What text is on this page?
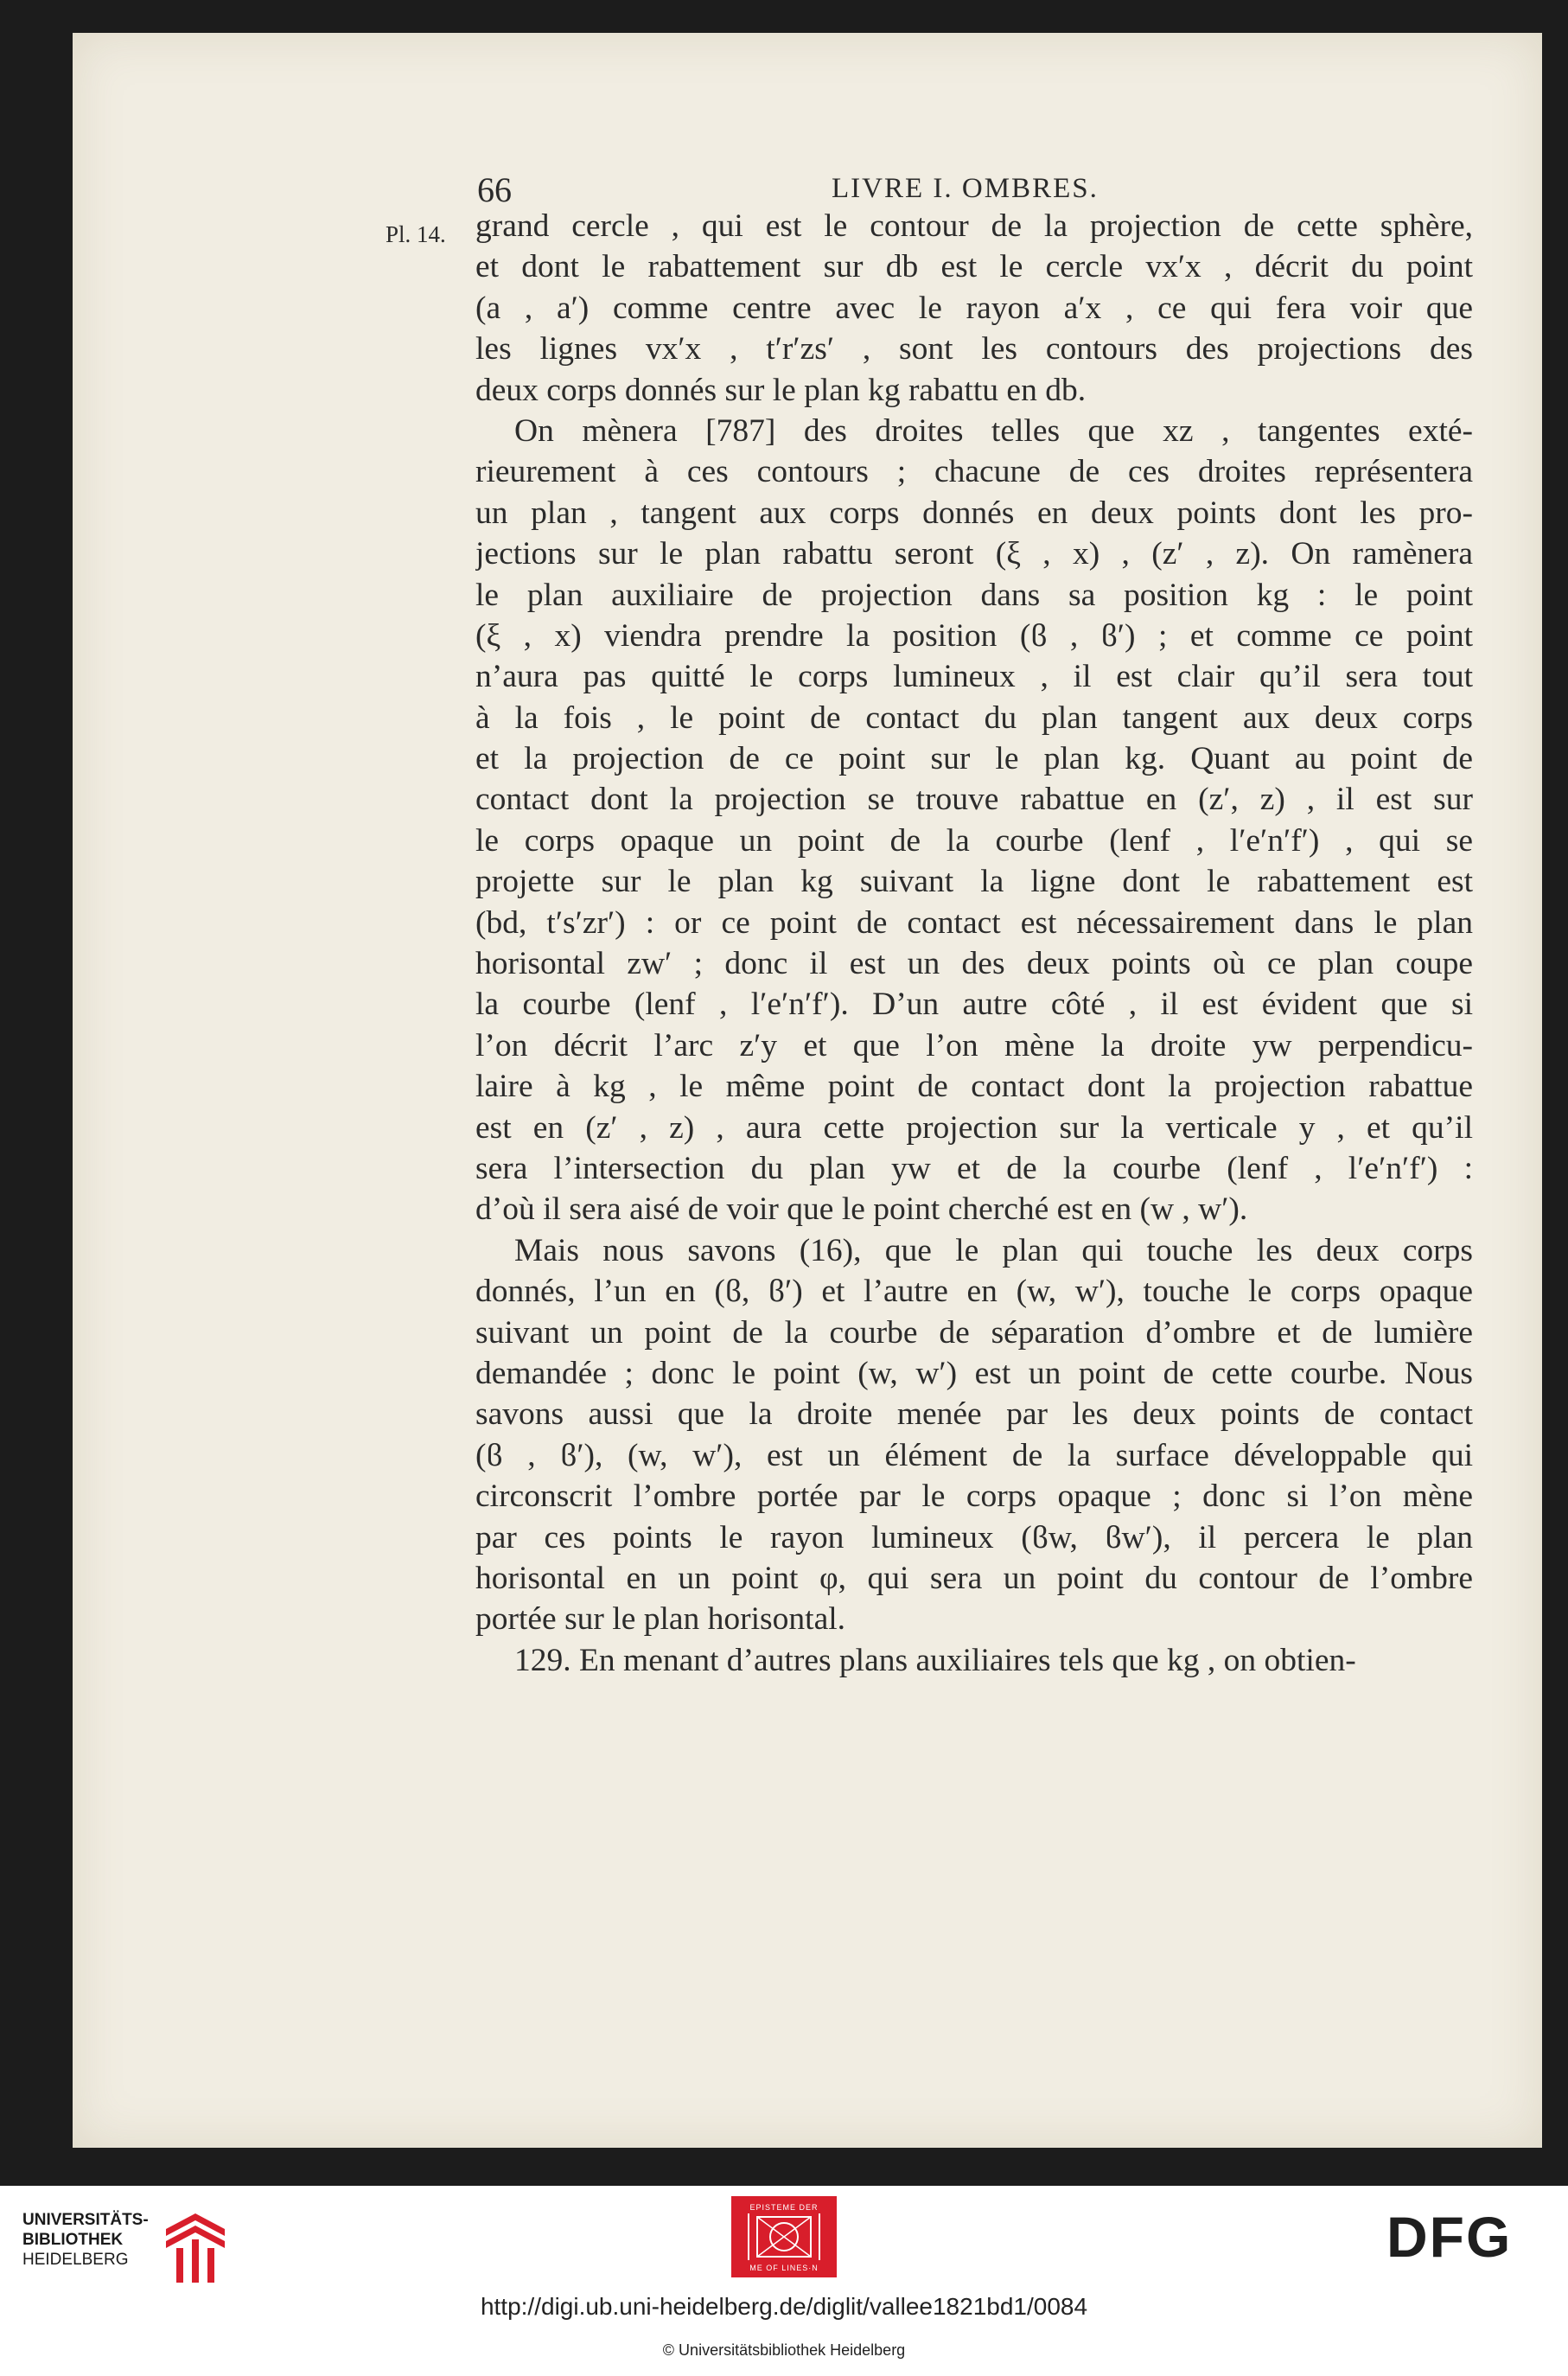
66	LIVRE I. OMBRES.
Pl. 14. grand cercle , qui est le contour de la projection de cette sphère,
et dont le rabattement sur db est le cercle vx′x , décrit du point
(a , a′) comme centre avec le rayon a′x , ce qui fera voir que
les lignes vx′x , t′r′zs′ , sont les contours des projections des
deux corps donnés sur le plan kg rabattu en db.
On mènera [787] des droites telles que xz , tangentes exté-
rieurement à ces contours ; chacune de ces droites représentera
un plan , tangent aux corps donnés en deux points dont les pro-
jections sur le plan rabattu seront (ξ , x) , (z′ , z). On ramènera
le plan auxiliaire de projection dans sa position kg : le point
(ξ , x) viendra prendre la position (ϐ , ϐ′) ; et comme ce point
n’aura pas quitté le corps lumineux , il est clair qu’il sera tout
à la fois , le point de contact du plan tangent aux deux corps
et la projection de ce point sur le plan kg. Quant au point de
contact dont la projection se trouve rabattue en (z′, z) , il est sur
le corps opaque un point de la courbe (lenf , l′e′n′f′) , qui se
projette sur le plan kg suivant la ligne dont le rabattement est
(bd, t′s′zr′) : or ce point de contact est nécessairement dans le plan
horisontal zw′ ; donc il est un des deux points où ce plan coupe
la courbe (lenf , l′e′n′f′). D’un autre côté , il est évident que si
l’on décrit l’arc z′y et que l’on mène la droite yw perpendicu-
laire à kg , le même point de contact dont la projection rabattue
est en (z′ , z) , aura cette projection sur la verticale y , et qu’il
sera l’intersection du plan yw et de la courbe (lenf , l′e′n′f′) :
d’où il sera aisé de voir que le point cherché est en (w , w′).
Mais nous savons (16), que le plan qui touche les deux corps
donnés, l’un en (ϐ, ϐ′) et l’autre en (w, w′), touche le corps opaque
suivant un point de la courbe de séparation d’ombre et de lumière
demandée ; donc le point (w, w′) est un point de cette courbe. Nous
savons aussi que la droite menée par les deux points de contact
(ϐ , ϐ′), (w, w′), est un élément de la surface développable qui
circonscrit l’ombre portée par le corps opaque ; donc si l’on mène
par ces points le rayon lumineux (ϐw, ϐw′), il percera le plan
horisontal en un point φ, qui sera un point du contour de l’ombre
portée sur le plan horisontal.
129. En menant d’autres plans auxiliaires tels que kg , on obtien-

UNIVERSITÄTS-
BIBLIOTHEK
HEIDELBERG

EPISTEME DER
ME OF LINES·N	DFG
http://digi.ub.uni-heidelberg.de/diglit/vallee1821bd1/0084
© Universitätsbibliothek Heidelberg
